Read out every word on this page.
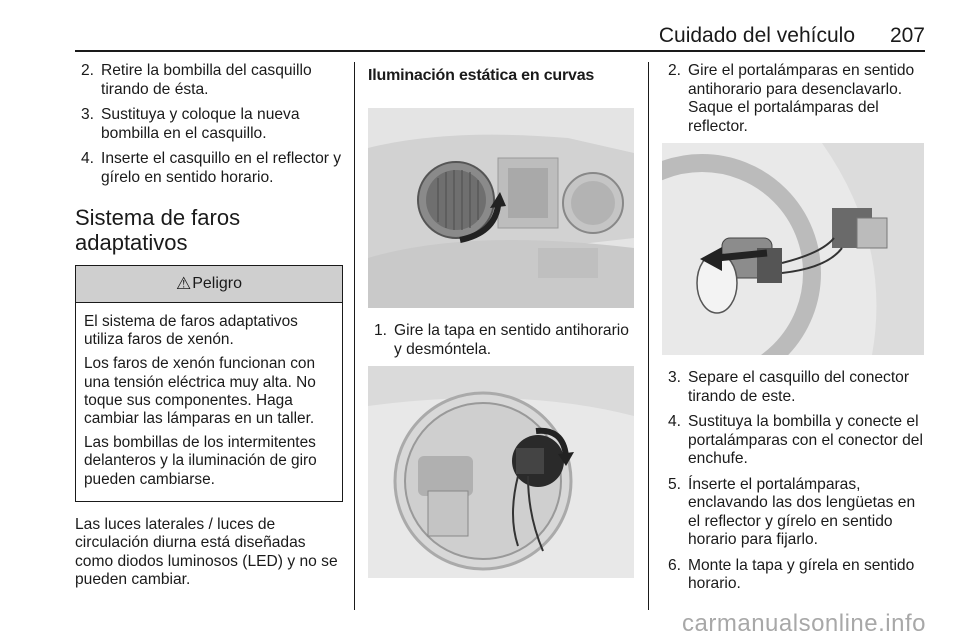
Cuidado del vehículo 207
2. Retire la bombilla del casquillo tirando de ésta.
3. Sustituya y coloque la nueva bombilla en el casquillo.
4. Inserte el casquillo en el reflector y gírelo en sentido horario.
Sistema de faros adaptativos
⚠ Peligro

El sistema de faros adaptativos utiliza faros de xenón.

Los faros de xenón funcionan con una tensión eléctrica muy alta. No toque sus componentes. Haga cambiar las lámparas en un taller.

Las bombillas de los intermitentes delanteros y la iluminación de giro pueden cambiarse.

Las luces laterales / luces de circulación diurna está diseñadas como diodos luminosos (LED) y no se pueden cambiar.
Iluminación estática en curvas
1. Gire la tapa en sentido antihorario y desmóntela.
2. Gire el portalámparas en sentido antihorario para desenclavarlo. Saque el portalámparas del reflector.
3. Separe el casquillo del conector tirando de este.
4. Sustituya la bombilla y conecte el portalámparas con el conector del enchufe.
5. Ínserte el portalámparas, enclavando las dos lengüetas en el reflector y gírelo en sentido horario para fijarlo.
6. Monte la tapa y gírela en sentido horario.
carmanualsonline.info
